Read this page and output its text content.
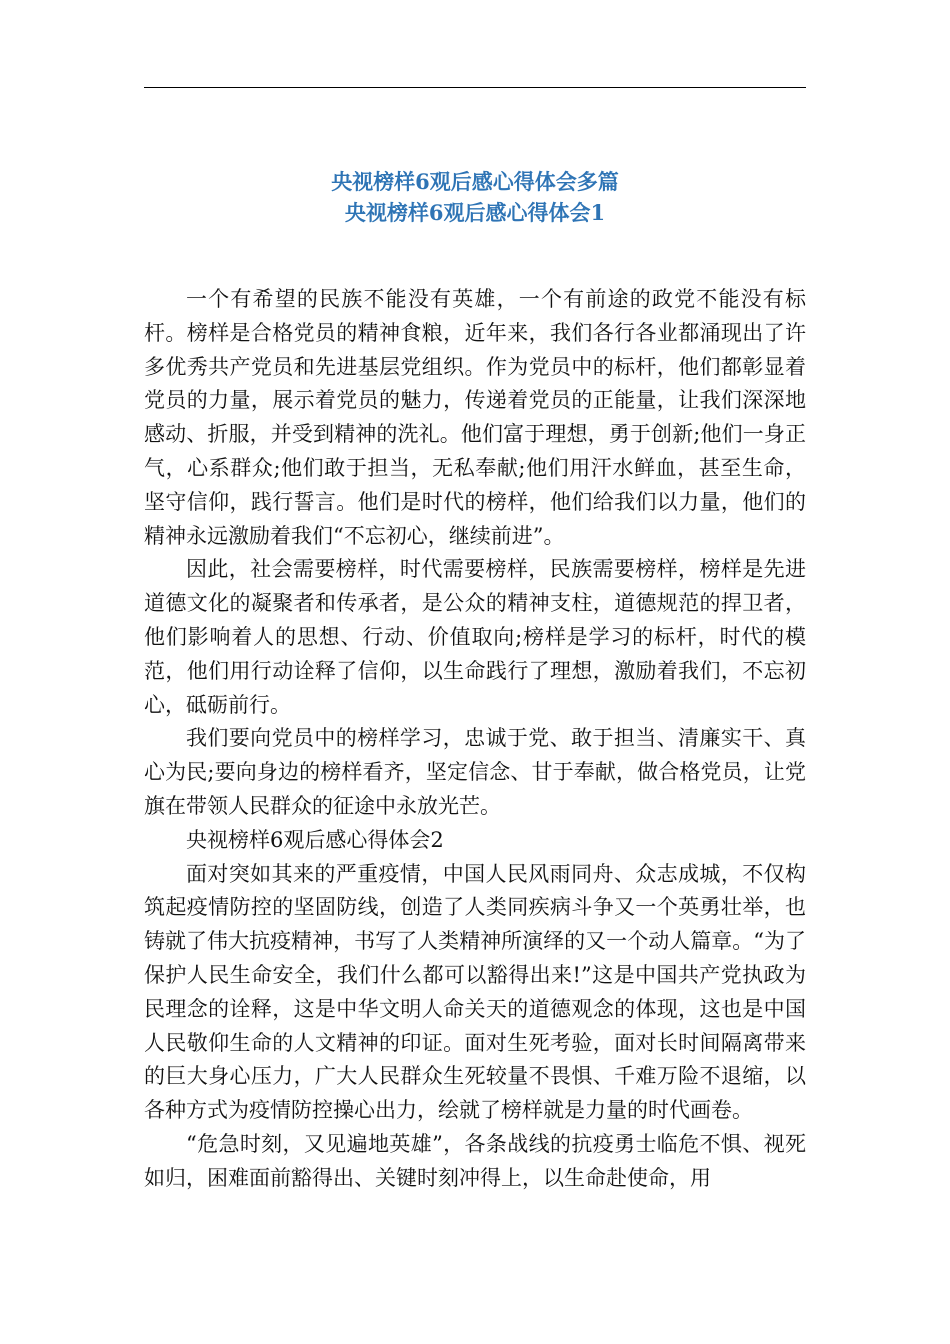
央视榜样6观后感心得体会多篇
央视榜样6观后感心得体会1

一个有希望的民族不能没有英雄，一个有前途的政党不能没有标杆。榜样是合格党员的精神食粮，近年来，我们各行各业都涌现出了许多优秀共产党员和先进基层党组织。作为党员中的标杆，他们都彰显着党员的力量，展示着党员的魅力，传递着党员的正能量，让我们深深地感动、折服，并受到精神的洗礼。他们富于理想，勇于创新;他们一身正气，心系群众;他们敢于担当，无私奉献;他们用汗水鲜血，甚至生命，坚守信仰，践行誓言。他们是时代的榜样，他们给我们以力量，他们的精神永远激励着我们“不忘初心，继续前进”。

因此，社会需要榜样，时代需要榜样，民族需要榜样，榜样是先进道德文化的凝聚者和传承者，是公众的精神支柱，道德规范的捍卫者，他们影响着人的思想、行动、价值取向;榜样是学习的标杆，时代的模范，他们用行动诠释了信仰，以生命践行了理想，激励着我们，不忘初心，砥砺前行。

我们要向党员中的榜样学习，忠诚于党、敢于担当、清廉实干、真心为民;要向身边的榜样看齐，坚定信念、甘于奉献，做合格党员，让党旗在带领人民群众的征途中永放光芒。

央视榜样6观后感心得体会2

面对突如其来的严重疫情，中国人民风雨同舟、众志成城，不仅构筑起疫情防控的坚固防线，创造了人类同疾病斗争又一个英勇壮举，也铸就了伟大抗疫精神，书写了人类精神所演绎的又一个动人篇章。“为了保护人民生命安全，我们什么都可以豁得出来!”这是中国共产党执政为民理念的诠释，这是中华文明人命关天的道德观念的体现，这也是中国人民敬仰生命的人文精神的印证。面对生死考验，面对长时间隔离带来的巨大身心压力，广大人民群众生死较量不畏惧、千难万险不退缩，以各种方式为疫情防控操心出力，绘就了榜样就是力量的时代画卷。

“危急时刻，又见遍地英雄”，各条战线的抗疫勇士临危不惧、视死如归，困难面前豁得出、关键时刻冲得上，以生命赴使命，用
